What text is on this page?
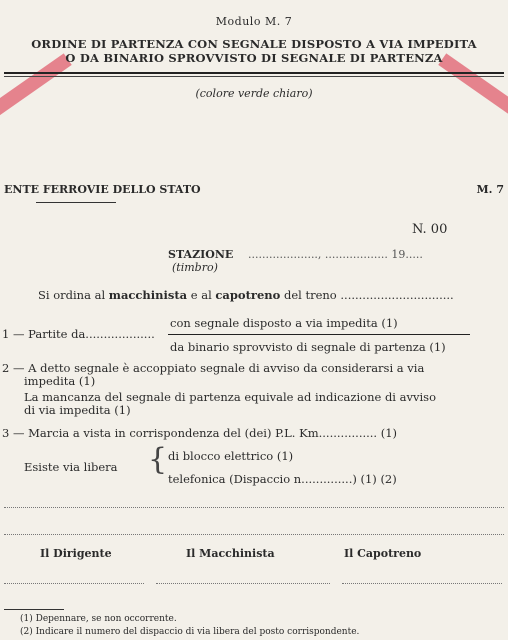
Modulo M. 7
ORDINE DI PARTENZA CON SEGNALE DISPOSTO A VIA IMPEDITA
O DA BINARIO SPROVVISTO DI SEGNALE DI PARTENZA
(colore verde chiaro)
ENTE FERROVIE DELLO STATO	M. 7
N. 00
STAZIONE
(timbro)
...................., .................. 19.....
Si ordina al macchinista e al capotreno del treno ...............................
1 — Partite da...................
con segnale disposto a via impedita (1)
da binario sprovvisto di segnale di partenza (1)
2 — A detto segnale è accoppiato segnale di avviso da considerarsi a via
impedita (1)
La mancanza del segnale di partenza equivale ad indicazione di avviso
di via impedita (1)
3 — Marcia a vista in corrispondenza del (dei) P.L. Km................ (1)
Esiste via libera { di blocco elettrico (1)
telefonica (Dispaccio n..............) (1) (2)
Il Dirigente	Il Macchinista	Il Capotreno
(1) Depennare, se non occorrente.
(2) Indicare il numero del dispaccio di via libera del posto corrispondente.
